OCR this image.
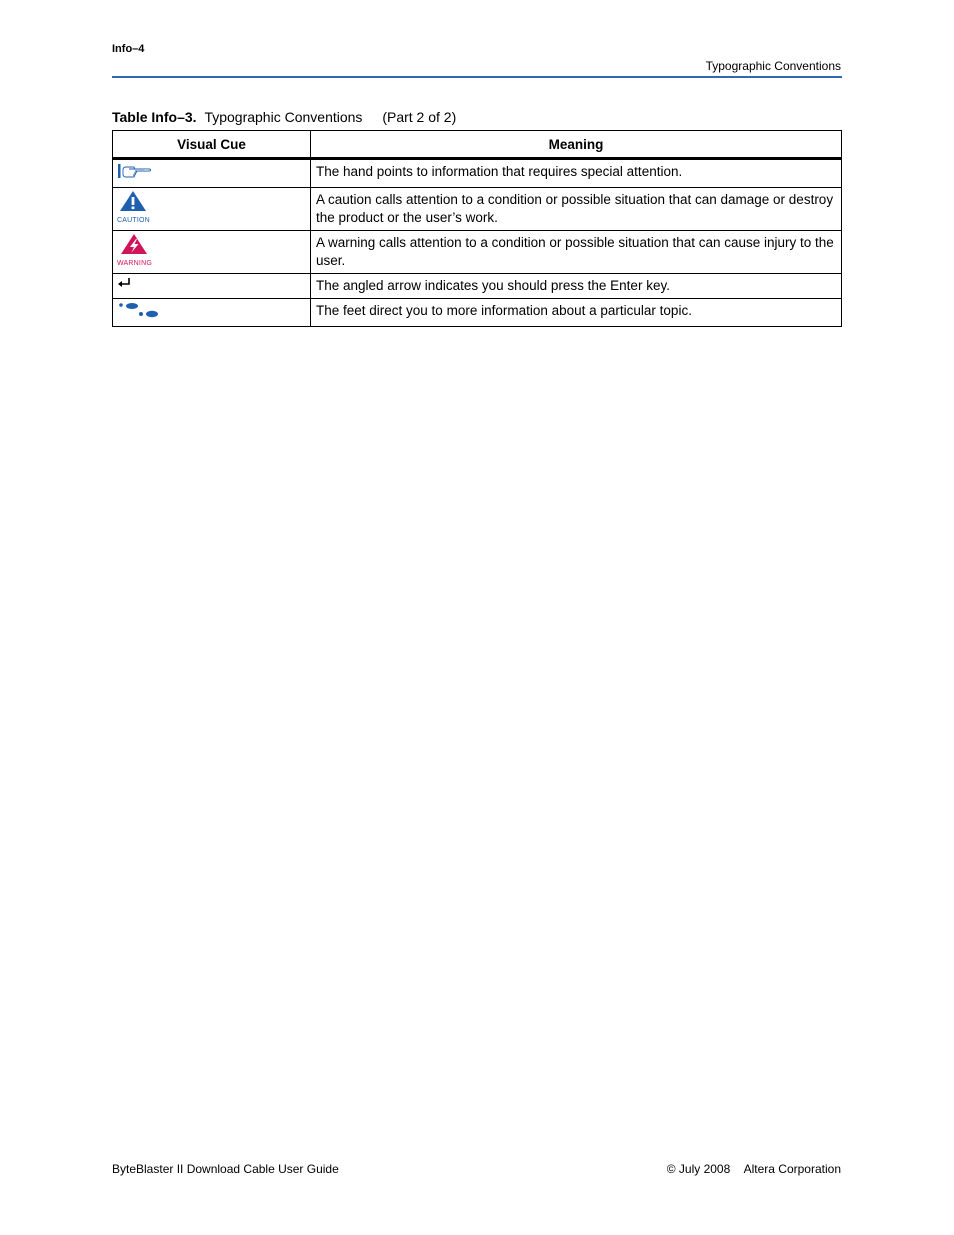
Info–4
Typographic Conventions
Table Info–3. Typographic Conventions (Part 2 of 2)
Visual Cue	Meaning
	The hand points to information that requires special attention.

CAUTION	A caution calls attention to a condition or possible situation that can damage or destroy the product or the user’s work.

WARNING	A warning calls attention to a condition or possible situation that can cause injury to the user.
	The angled arrow indicates you should press the Enter key.
	The feet direct you to more information about a particular topic.
ByteBlaster II Download Cable User Guide	© July 2008 Altera Corporation
